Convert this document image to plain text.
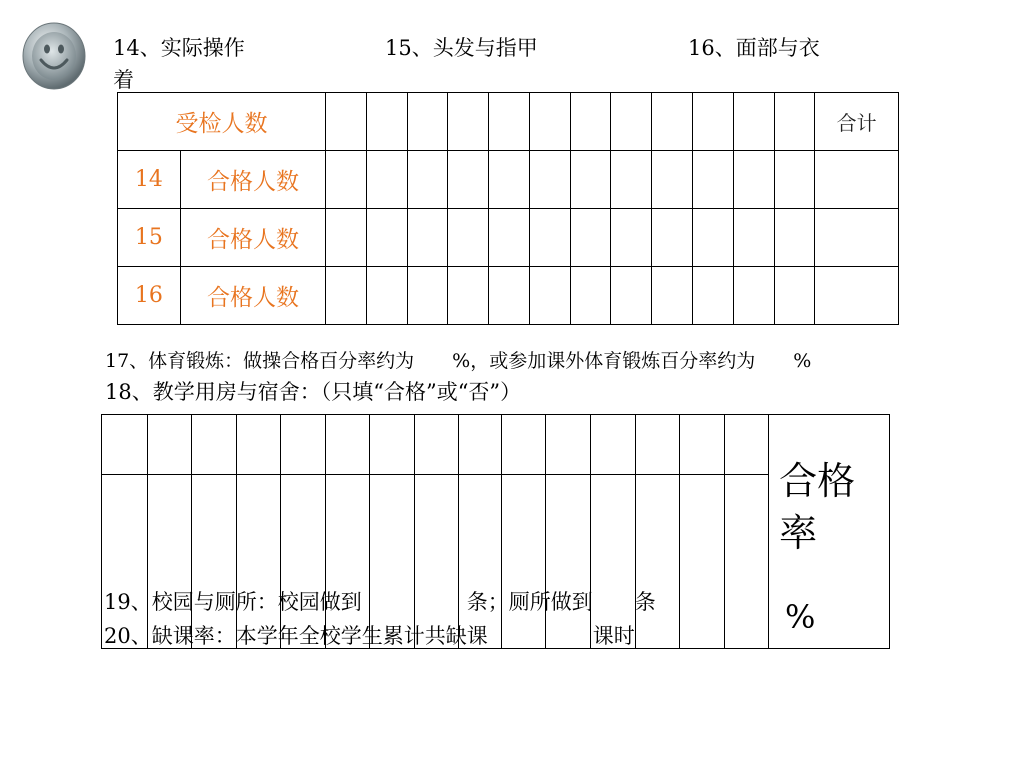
14、实际操作	15、头发与指甲	16、面部与衣
着
受检人数														合计
14	合格人数													
15	合格人数													
16	合格人数													
17、体育锻炼：做操合格百分率约为　　%，或参加课外体育锻炼百分率约为　　%
18、教学用房与宿舍：（只填“合格”或“否”）

															合格
率

19、校园与厕所：校园做到　　　　　条；厕所做到　　条
20、缺课率：本学年全校学生累计共缺课　　　　　课时	%
